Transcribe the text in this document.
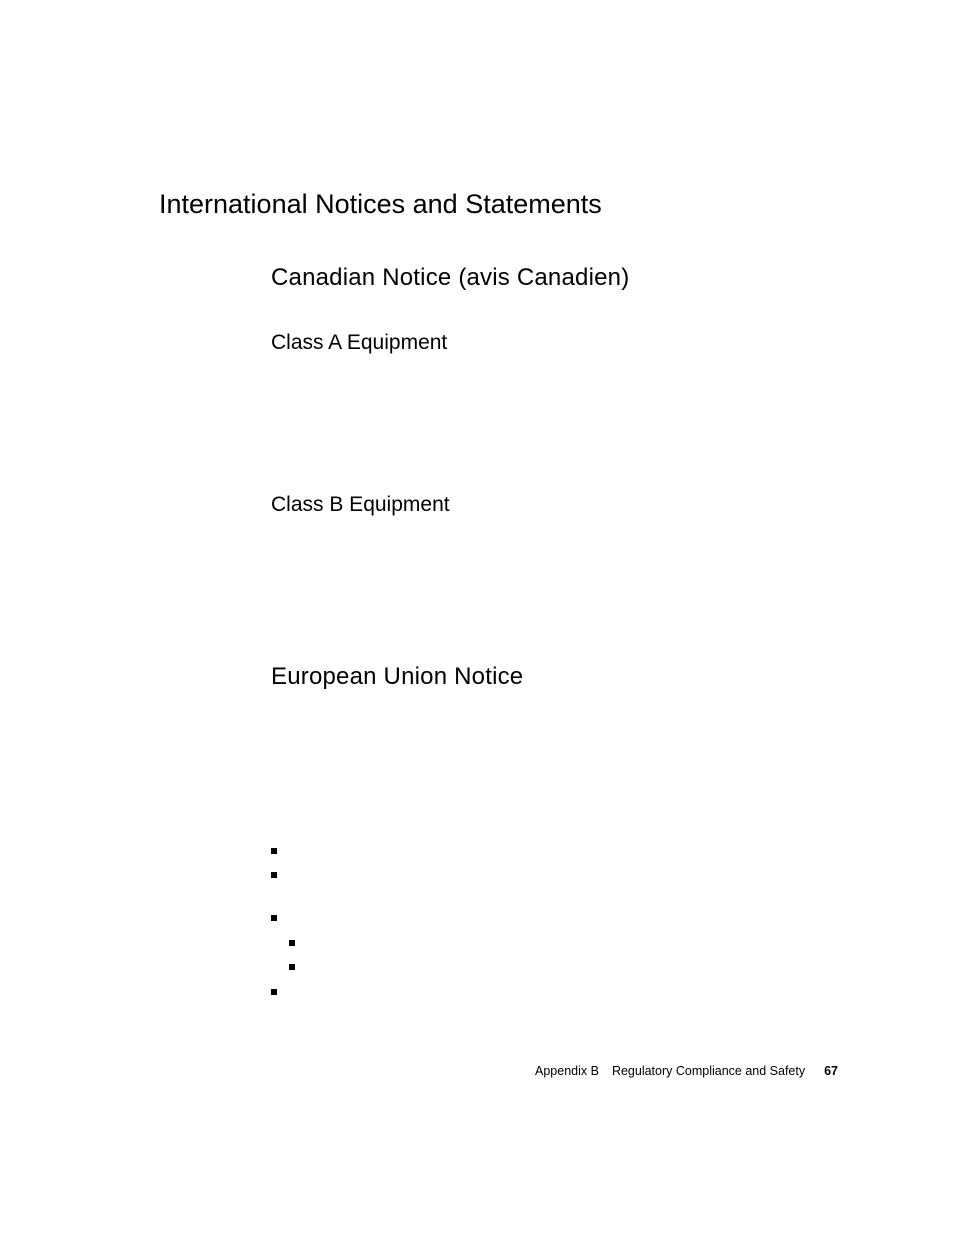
International Notices and Statements
Canadian Notice (avis Canadien)
Class A Equipment
Class B Equipment
European Union Notice
Appendix B Regulatory Compliance and Safety 67
